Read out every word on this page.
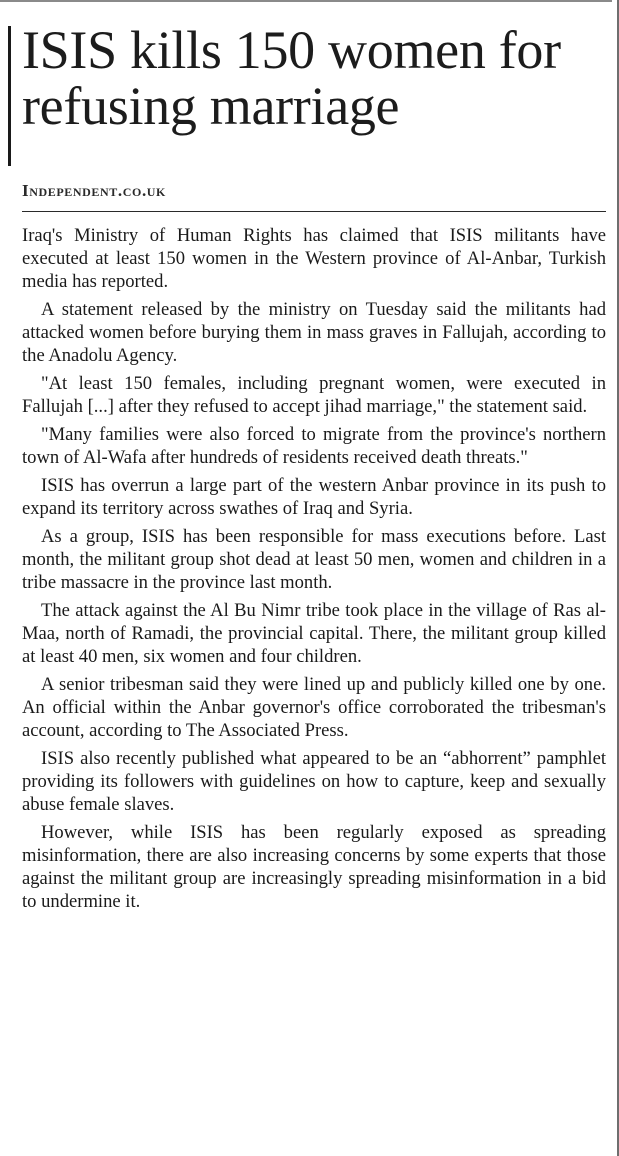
ISIS kills 150 women for refusing marriage
Independent.co.uk

Iraq's Ministry of Human Rights has claimed that ISIS militants have executed at least 150 women in the Western province of Al-Anbar, Turkish media has reported.

A statement released by the ministry on Tuesday said the militants had attacked women before burying them in mass graves in Fallujah, according to the Anadolu Agency.

"At least 150 females, including pregnant women, were executed in Fallujah [...] after they refused to accept jihad marriage," the statement said.

"Many families were also forced to migrate from the province's northern town of Al-Wafa after hundreds of residents received death threats."

ISIS has overrun a large part of the western Anbar province in its push to expand its territory across swathes of Iraq and Syria.

As a group, ISIS has been responsible for mass executions before. Last month, the militant group shot dead at least 50 men, women and children in a tribe massacre in the province last month.

The attack against the Al Bu Nimr tribe took place in the village of Ras al-Maa, north of Ramadi, the provincial capital. There, the militant group killed at least 40 men, six women and four children.

A senior tribesman said they were lined up and publicly killed one by one. An official within the Anbar governor's office corroborated the tribesman's account, according to The Associated Press.

ISIS also recently published what appeared to be an “abhorrent” pamphlet providing its followers with guidelines on how to capture, keep and sexually abuse female slaves.

However, while ISIS has been regularly exposed as spreading misinformation, there are also increasing concerns by some experts that those against the militant group are increasingly spreading misinformation in a bid to undermine it.
